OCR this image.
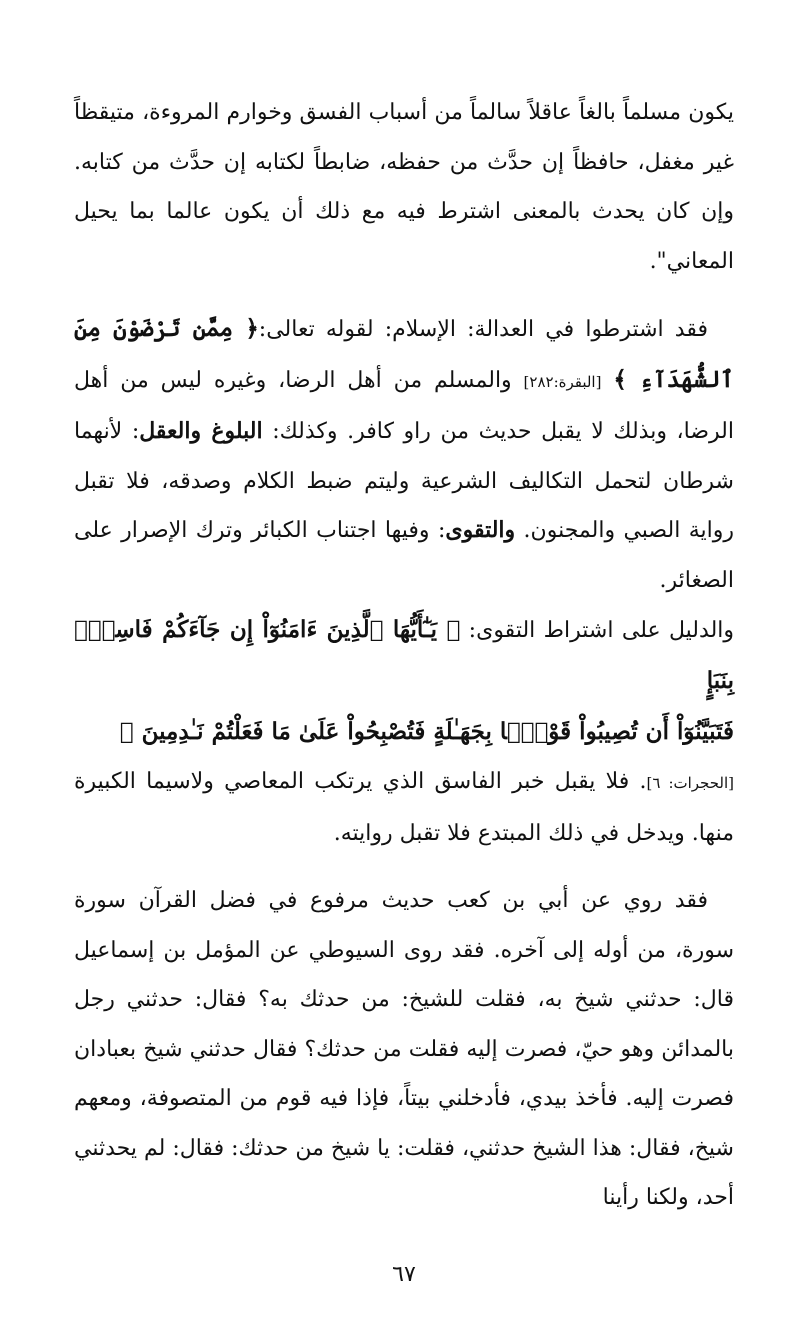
يكون مسلماً بالغاً عاقلاً سالماً من أسباب الفسق وخوارم المروءة، متيقظاً غير مغفل، حافظاً إن حدَّث من حفظه، ضابطاً لكتابه إن حدَّث من كتابه. وإن كان يحدث بالمعنى اشترط فيه مع ذلك أن يكون عالما بما يحيل المعاني".

فقد اشترطوا في العدالة: الإسلام: لقوله تعالى:﴿ مِمَّن تَرْضَوْنَ مِنَ ٱلشُّهَدَآءِ ﴾ [البقرة:٢٨٢] والمسلم من أهل الرضا، وغيره ليس من أهل الرضا، وبذلك لا يقبل حديث من راو كافر. وكذلك: البلوغ والعقل: لأنهما شرطان لتحمل التكاليف الشرعية وليتم ضبط الكلام وصدقه، فلا تقبل رواية الصبي والمجنون. والتقوى: وفيها اجتناب الكبائر وترك الإصرار على الصغائر.

والدليل على اشتراط التقوى: ﴿ يَـٰٓأَيُّهَا ٱلَّذِينَ ءَامَنُوٓاْ إِن جَآءَكُمْ فَاسِقُۢ بِنَبَإٍ
فَتَبَيَّنُوٓاْ أَن تُصِيبُواْ قَوْمًۢا بِجَهَـٰلَةٍ فَتُصْبِحُواْ عَلَىٰ مَا فَعَلْتُمْ نَـٰدِمِينَ ﴾
[الحجرات: ٦]. فلا يقبل خبر الفاسق الذي يرتكب المعاصي ولاسيما الكبيرة منها. ويدخل في ذلك المبتدع فلا تقبل روايته.

فقد روي عن أبي بن كعب حديث مرفوع في فضل القرآن سورة سورة، من أوله إلى آخره. فقد روى السيوطي عن المؤمل بن إسماعيل قال: حدثني شيخ به، فقلت للشيخ: من حدثك به؟ فقال: حدثني رجل بالمدائن وهو حيّ، فصرت إليه فقلت من حدثك؟ فقال حدثني شيخ بعبادان فصرت إليه. فأخذ بيدي، فأدخلني بيتاً، فإذا فيه قوم من المتصوفة، ومعهم شيخ، فقال: هذا الشيخ حدثني، فقلت: يا شيخ من حدثك: فقال: لم يحدثني أحد، ولكنا رأينا

٦٧
